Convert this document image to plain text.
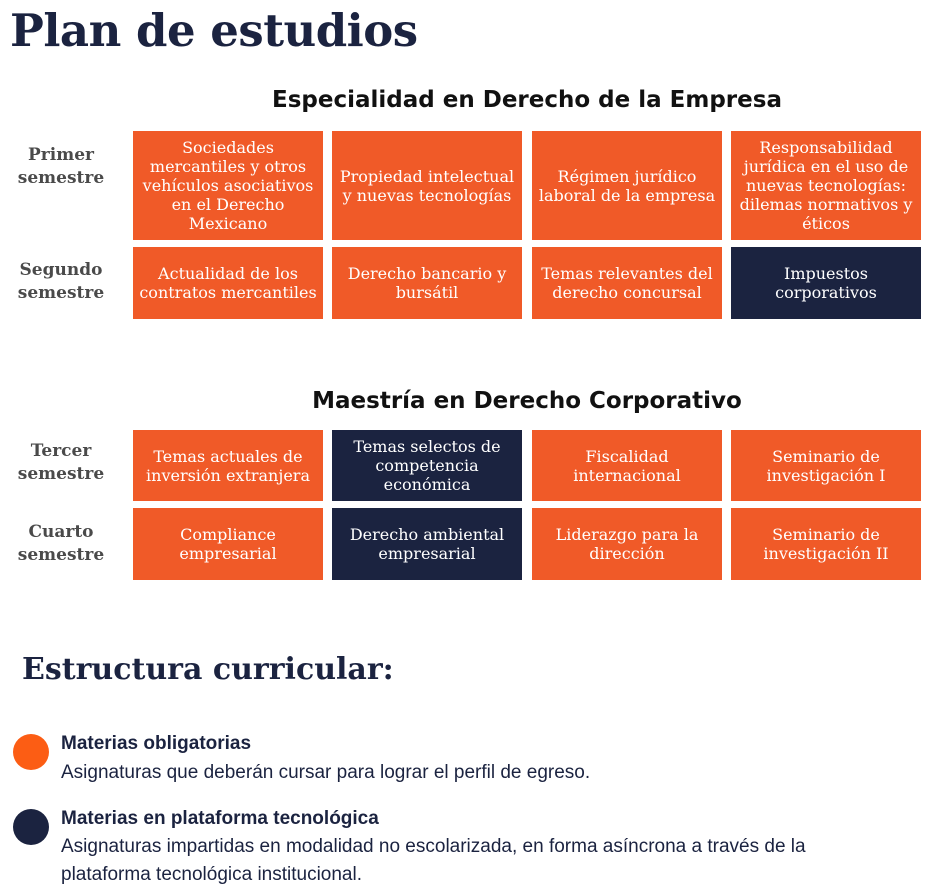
Plan de estudios
Especialidad en Derecho de la Empresa
Primer semestre
Sociedades mercantiles y otros vehículos asociativos en el Derecho Mexicano
Propiedad intelectual y nuevas tecnologías
Régimen jurídico laboral de la empresa
Responsabilidad jurídica en el uso de nuevas tecnologías: dilemas normativos y éticos
Segundo semestre
Actualidad de los contratos mercantiles
Derecho bancario y bursátil
Temas relevantes del derecho concursal
Impuestos corporativos
Maestría en Derecho Corporativo
Tercer semestre
Temas actuales de inversión extranjera
Temas selectos de competencia económica
Fiscalidad internacional
Seminario de investigación I
Cuarto semestre
Compliance empresarial
Derecho ambiental empresarial
Liderazgo para la dirección
Seminario de investigación II
Estructura curricular:
Materias obligatorias
Asignaturas que deberán cursar para lograr el perfil de egreso.
Materias en plataforma tecnológica
Asignaturas impartidas en modalidad no escolarizada, en forma asíncrona a través de la plataforma tecnológica institucional.
